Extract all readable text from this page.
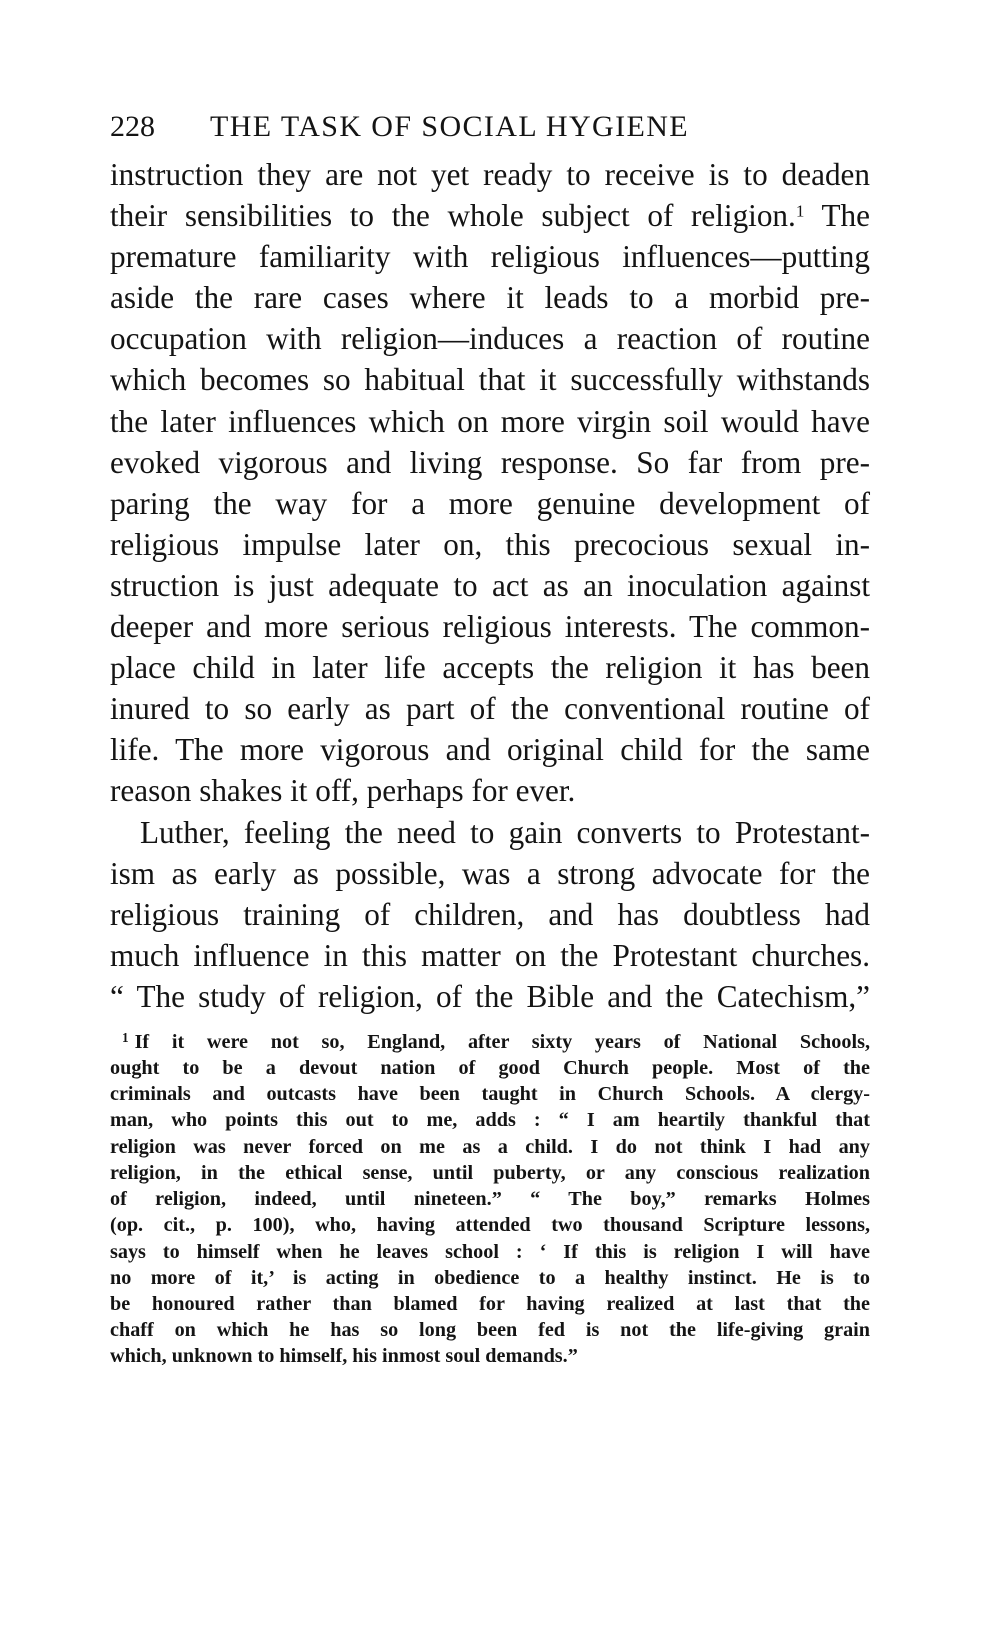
228	THE TASK OF SOCIAL HYGIENE

instruction they are not yet ready to receive is to deaden
their sensibilities to the whole subject of religion.$^1$ The
premature familiarity with religious influences—putting
aside the rare cases where it leads to a morbid pre-
occupation with religion—induces a reaction of routine
which becomes so habitual that it successfully withstands
the later influences which on more virgin soil would have
evoked vigorous and living response. So far from pre-
paring the way for a more genuine development of
religious impulse later on, this precocious sexual in-
struction is just adequate to act as an inoculation against
deeper and more serious religious interests. The common-
place child in later life accepts the religion it has been
inured to so early as part of the conventional routine of
life. The more vigorous and original child for the same
reason shakes it off, perhaps for ever.

Luther, feeling the need to gain converts to Protestant-
ism as early as possible, was a strong advocate for the
religious training of children, and has doubtless had
much influence in this matter on the Protestant churches.
“ The study of religion, of the Bible and the Catechism,”

$^1$ If it were not so, England, after sixty years of National Schools,
ought to be a devout nation of good Church people. Most of the
criminals and outcasts have been taught in Church Schools. A clergy-
man, who points this out to me, adds : “ I am heartily thankful that
religion was never forced on me as a child. I do not think I had any
religion, in the ethical sense, until puberty, or any conscious realization
of religion, indeed, until nineteen.” “ The boy,” remarks Holmes
(op. cit., p. 100), who, having attended two thousand Scripture lessons,
says to himself when he leaves school : ‘ If this is religion I will have
no more of it,’ is acting in obedience to a healthy instinct. He is to
be honoured rather than blamed for having realized at last that the
chaff on which he has so long been fed is not the life-giving grain
which, unknown to himself, his inmost soul demands.”
